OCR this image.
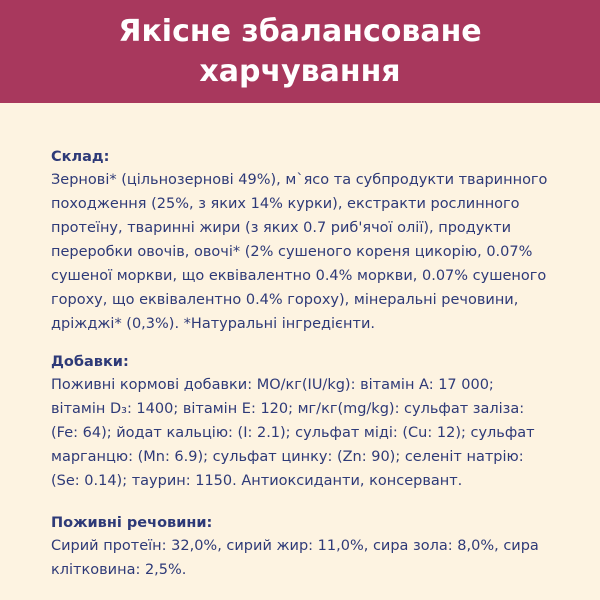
Якісне збалансоване
харчування

Склад:

Зернові* (цільнозернові 49%), м`ясо та субпродукти тваринного
походження (25%, з яких 14% курки), екстракти рослинного
протеїну, тваринні жири (з яких 0.7 риб'ячої олії), продукти
переробки овочів, овочі* (2% сушеного кореня цикорію, 0.07%
сушеної моркви, що еквівалентно 0.4% моркви, 0.07% сушеного
гороху, що еквівалентно 0.4% гороху), мінеральні речовини,
дріжджі* (0,3%). *Натуральні інгредієнти.

Добавки:

Поживні кормові добавки: МО/кг(IU/kg): вітамін A: 17 000;
вітамін D₃: 1400; вітамін E: 120; мг/кг(mg/kg): сульфат заліза:
(Fe: 64); йодат кальцію: (I: 2.1); сульфат міді: (Cu: 12); сульфат
марганцю: (Mn: 6.9); сульфат цинку: (Zn: 90); селеніт натрію:
(Se: 0.14); таурин: 1150. Антиоксиданти, консервант.

Поживні речовини:

Сирий протеїн: 32,0%, сирий жир: 11,0%, сира зола: 8,0%, сира
клітковина: 2,5%.
